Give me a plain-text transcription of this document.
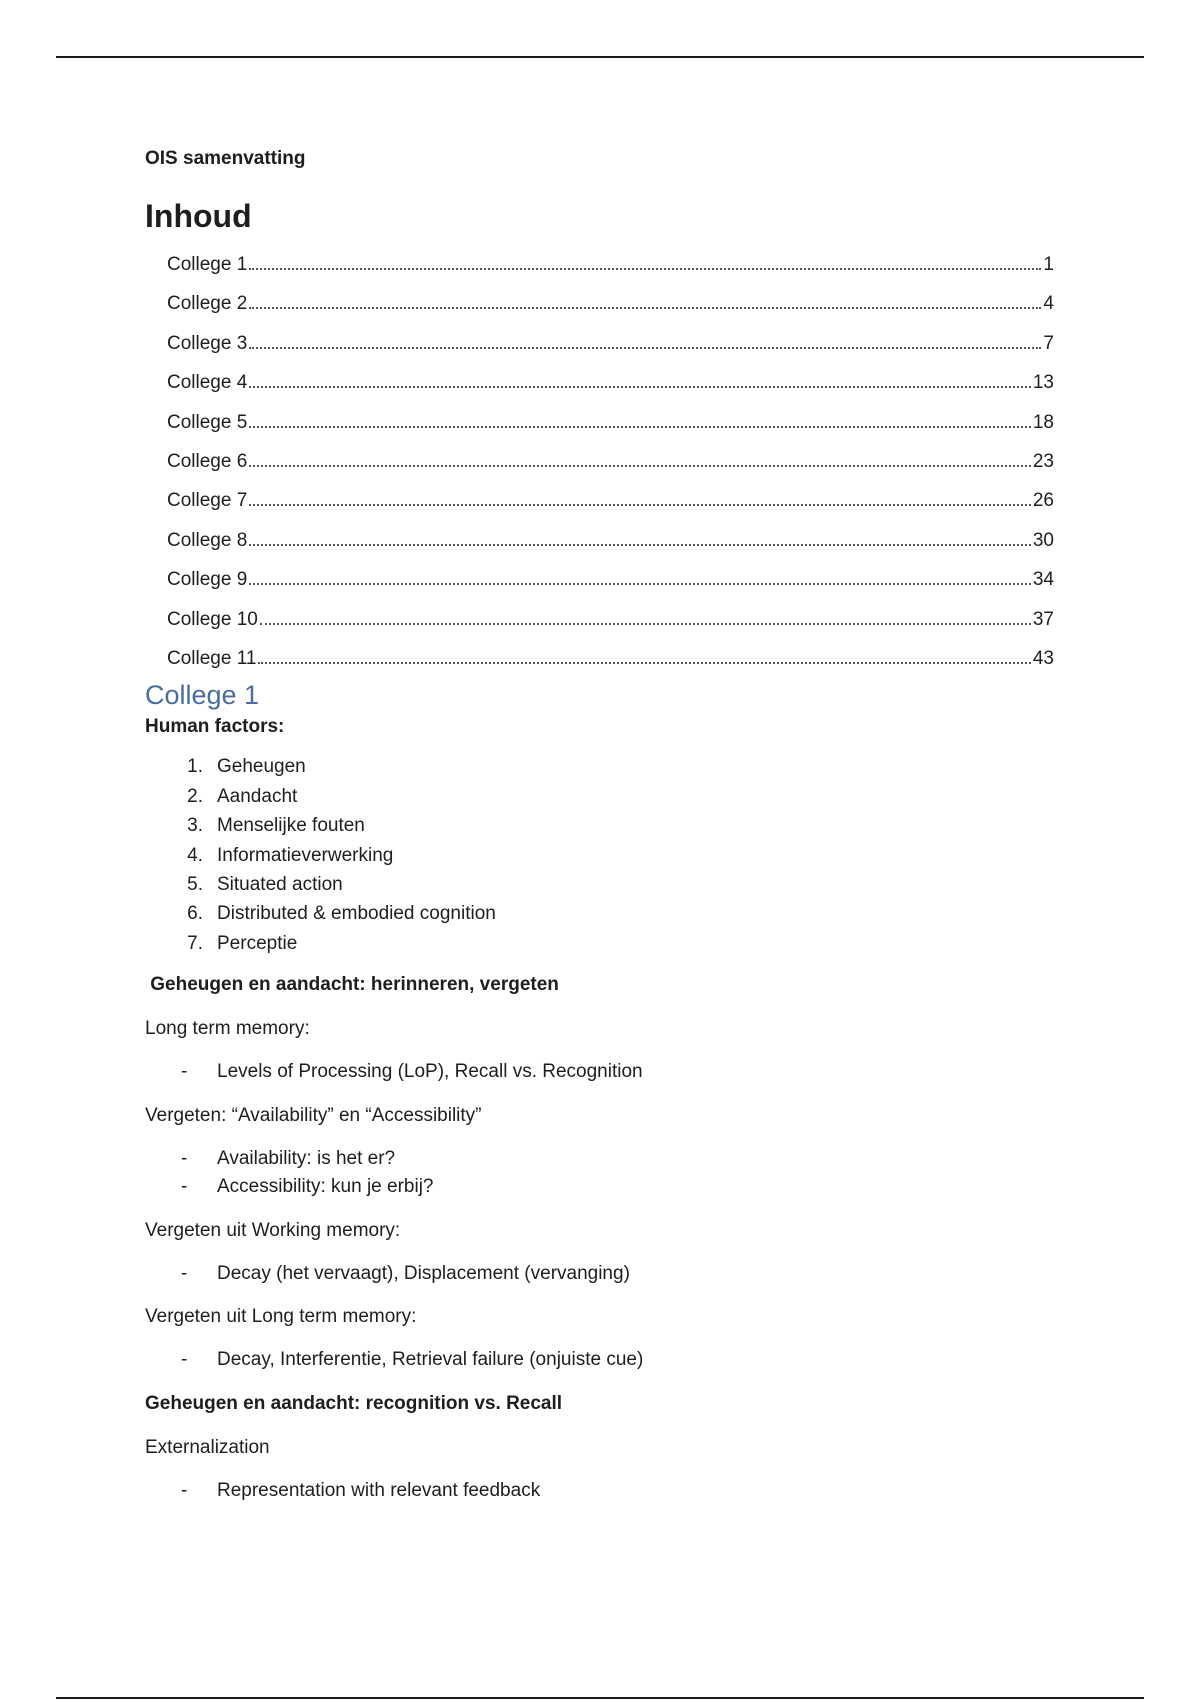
OIS samenvatting

Inhoud
College 1	1
College 2	4
College 3	7
College 4	13
College 5	18
College 6	23
College 7	26
College 8	30
College 9	34
College 10	37
College 11	43
College 1

Human factors:

1. Geheugen
2. Aandacht
3. Menselijke fouten
4. Informatieverwerking
5. Situated action
6. Distributed & embodied cognition
7. Perceptie

Geheugen en aandacht: herinneren, vergeten

Long term memory:

- Levels of Processing (LoP), Recall vs. Recognition

Vergeten: “Availability” en “Accessibility”

- Availability: is het er?
- Accessibility: kun je erbij?

Vergeten uit Working memory:

- Decay (het vervaagt), Displacement (vervanging)

Vergeten uit Long term memory:

- Decay, Interferentie, Retrieval failure (onjuiste cue)

Geheugen en aandacht: recognition vs. Recall

Externalization

- Representation with relevant feedback
